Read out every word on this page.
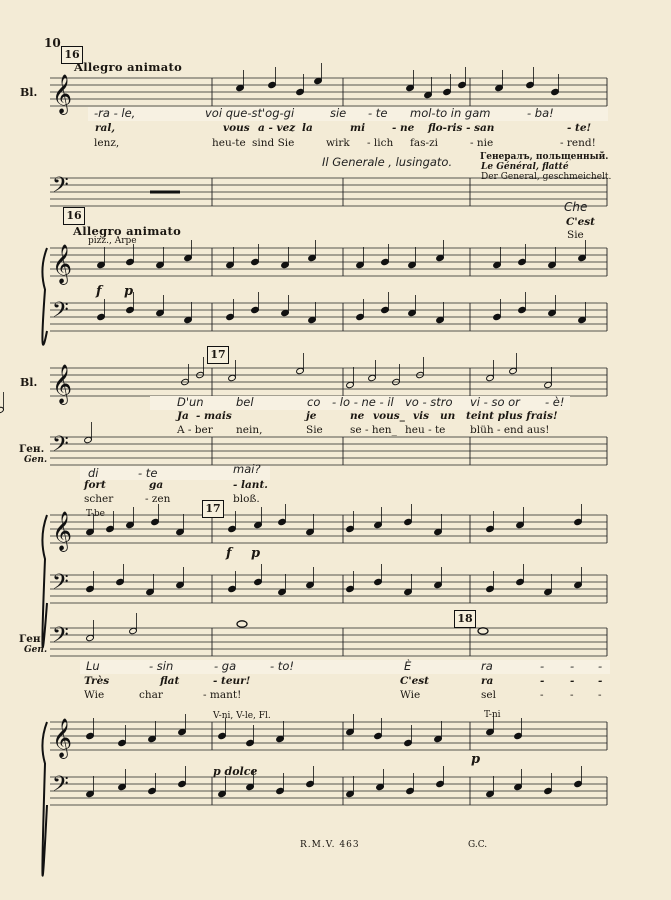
𝄞
𝄢
𝄞
𝄢
𝄞
𝄢
𝄞
𝄢
𝄢
𝄞
𝄢
10
16
Allegro animato
Bl.
-ra - le,	voi que-st'og-gi	sie - te mol-to in gam	- ba!
ral,	vous a - vez la	mi	- ne flo-ris - san	- te!
lenz,	heu-te sind Sie	wirk - lich fas-zi	- nie	- rend!
Генералъ, польщенный.
Il Generale , lusingato.	Le Général, flatté
Der General, geschmeichelt.
16
Allegro animato
pizz., Arpe
Che
C'est
Sie
f p
17
Bl.
D'un	bel	co - lo - ne - il vo - stro vi - so or - è!
Ja - mais	je	ne vous_ vis un teint plus frais!
A - ber nein,	Sie	se - hen_ heu - te blüh - end aus!
Ген.
Gen.
di	- te	mai?
fort	ga	- lant.
scher	- zen	bloß.
T-be	17
f p
18
Ген.
Gen.
Lu	- sin	- ga	- to!	È	ra	- - -
Très	flat	- teur!	C'est	ra	- - -
Wie	char	- mant!	Wie	sel	-	- -
V-ni, V-le, Fl.	T-ni
p dolce
p
R.M.V. 463	G.C.
